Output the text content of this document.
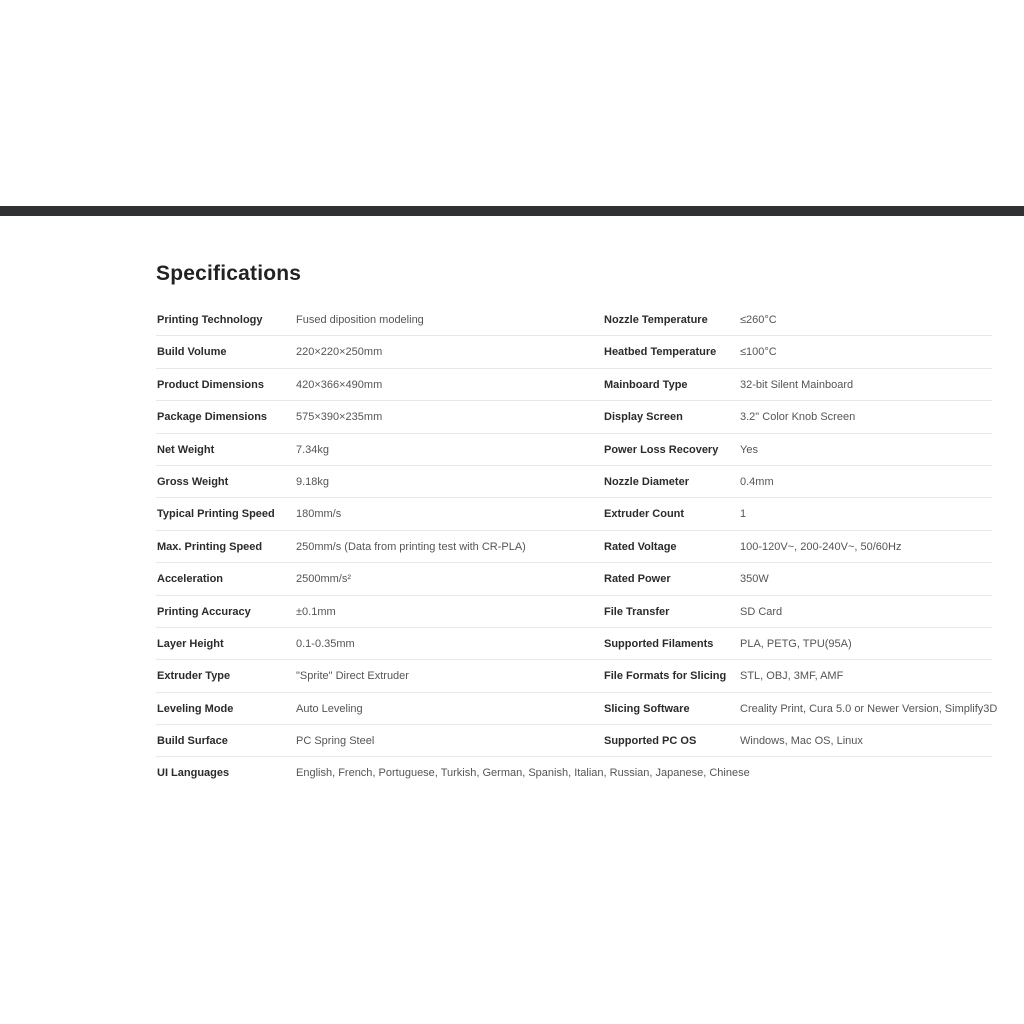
Specifications
Printing Technology	Fused diposition modeling	Nozzle Temperature	≤260°C
Build Volume	220×220×250mm	Heatbed Temperature ≤100°C
Product Dimensions	420×366×490mm	Mainboard Type	32-bit Silent Mainboard
Package Dimensions	575×390×235mm	Display Screen	3.2" Color Knob Screen
Net Weight	7.34kg	Power Loss Recovery Yes
Gross Weight	9.18kg	Nozzle Diameter	0.4mm
Typical Printing Speed 180mm/s	Extruder Count	1
Max. Printing Speed	250mm/s (Data from printing test with CR-PLA)	Rated Voltage	100-120V~, 200-240V~, 50/60Hz
Acceleration	2500mm/s²	Rated Power	350W
Printing Accuracy	±0.1mm	File Transfer	SD Card
Layer Height	0.1-0.35mm	Supported Filaments PLA, PETG, TPU(95A)
Extruder Type	"Sprite" Direct Extruder	File Formats for Slicing STL, OBJ, 3MF, AMF
Leveling Mode	Auto Leveling	Slicing Software	Creality Print, Cura 5.0 or Newer Version, Simplify3D
Build Surface	PC Spring Steel	Supported PC OS	Windows, Mac OS, Linux
UI Languages	English, French, Portuguese, Turkish, German, Spanish, Italian, Russian, Japanese, Chinese
